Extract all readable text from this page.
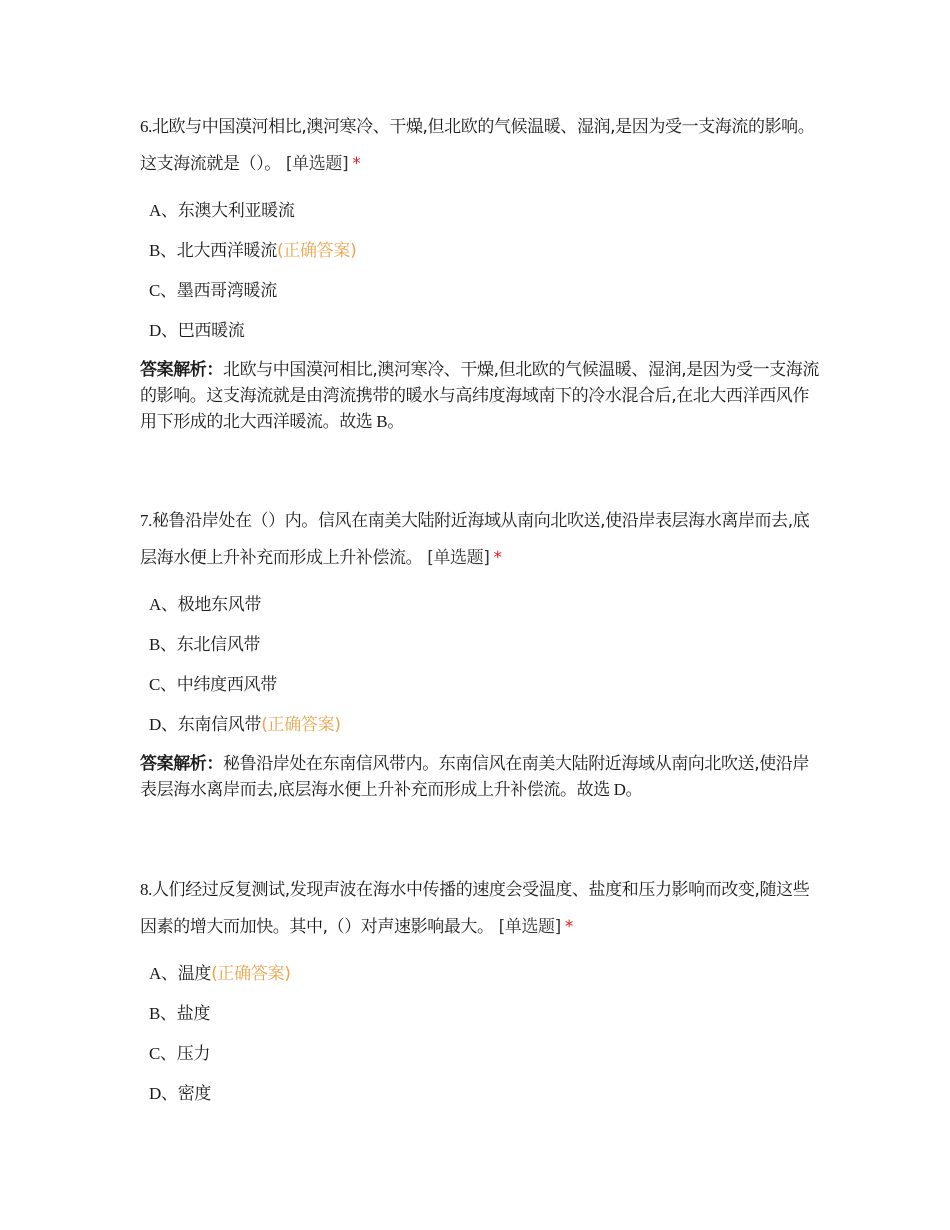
6.北欧与中国漠河相比,澳河寒冷、干燥,但北欧的气候温暖、湿润,是因为受一支海流的影响。这支海流就是（）。 [单选题] *

A、东澳大利亚暖流
B、北大西洋暖流(正确答案)
C、墨西哥湾暖流
D、巴西暖流
答案解析：北欧与中国漠河相比,澳河寒冷、干燥,但北欧的气候温暖、湿润,是因为受一支海流的影响。这支海流就是由湾流携带的暖水与高纬度海域南下的冷水混合后,在北大西洋西风作用下形成的北大西洋暖流。故选 B。

7.秘鲁沿岸处在（）内。信风在南美大陆附近海域从南向北吹送,使沿岸表层海水离岸而去,底层海水便上升补充而形成上升补偿流。 [单选题] *

A、极地东风带
B、东北信风带
C、中纬度西风带
D、东南信风带(正确答案)
答案解析：秘鲁沿岸处在东南信风带内。东南信风在南美大陆附近海域从南向北吹送,使沿岸表层海水离岸而去,底层海水便上升补充而形成上升补偿流。故选 D。

8.人们经过反复测试,发现声波在海水中传播的速度会受温度、盐度和压力影响而改变,随这些因素的增大而加快。其中,（）对声速影响最大。 [单选题] *

A、温度(正确答案)
B、盐度
C、压力
D、密度
